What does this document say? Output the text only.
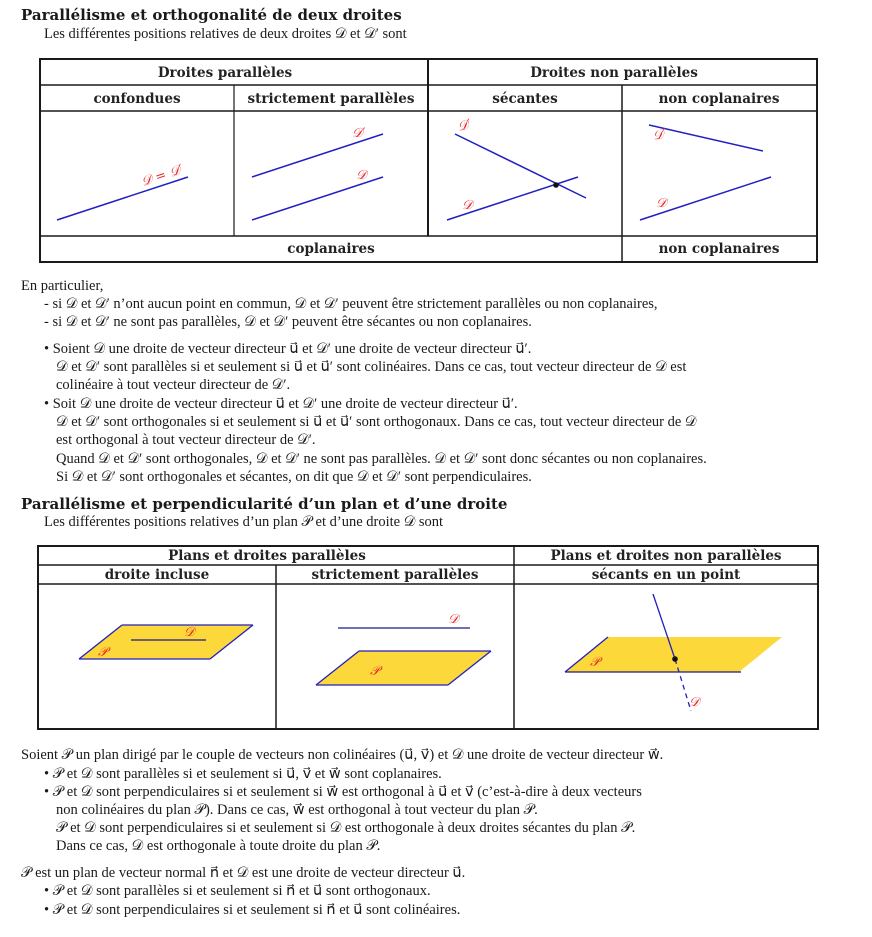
Parallélisme et orthogonalité de deux droites
Les différentes positions relatives de deux droites 𝒟 et 𝒟′ sont
Droites parallèles	Droites non parallèles
confondues	strictement parallèles	sécantes	non coplanaires
coplanaires	non coplanaires
𝒟 = 𝒟′
𝒟′
𝒟
𝒟′
𝒟
𝒟′
𝒟
Plans et droites parallèles	Plans et droites non parallèles
droite incluse	strictement parallèles	sécants en un point
𝒟
𝒫
𝒟
𝒫
𝒫
𝒟
En particulier,
- si 𝒟 et 𝒟′ n’ont aucun point en commun, 𝒟 et 𝒟′ peuvent être strictement parallèles ou non coplanaires,
- si 𝒟 et 𝒟′ ne sont pas parallèles, 𝒟 et 𝒟′ peuvent être sécantes ou non coplanaires.
• Soient 𝒟 une droite de vecteur directeur u⃗ et 𝒟′ une droite de vecteur directeur u⃗′.
𝒟 et 𝒟′ sont parallèles si et seulement si u⃗ et u⃗′ sont colinéaires. Dans ce cas, tout vecteur directeur de 𝒟 est
colinéaire à tout vecteur directeur de 𝒟′.
• Soit 𝒟 une droite de vecteur directeur u⃗ et 𝒟′ une droite de vecteur directeur u⃗′.
𝒟 et 𝒟′ sont orthogonales si et seulement si u⃗ et u⃗′ sont orthogonaux. Dans ce cas, tout vecteur directeur de 𝒟
est orthogonal à tout vecteur directeur de 𝒟′.
Quand 𝒟 et 𝒟′ sont orthogonales, 𝒟 et 𝒟′ ne sont pas parallèles. 𝒟 et 𝒟′ sont donc sécantes ou non coplanaires.
Si 𝒟 et 𝒟′ sont orthogonales et sécantes, on dit que 𝒟 et 𝒟′ sont perpendiculaires.
Parallélisme et perpendicularité d’un plan et d’une droite
Les différentes positions relatives d’un plan 𝒫 et d’une droite 𝒟 sont
Soient 𝒫 un plan dirigé par le couple de vecteurs non colinéaires (u⃗, v⃗) et 𝒟 une droite de vecteur directeur w⃗.
• 𝒫 et 𝒟 sont parallèles si et seulement si u⃗, v⃗ et w⃗ sont coplanaires.
• 𝒫 et 𝒟 sont perpendiculaires si et seulement si w⃗ est orthogonal à u⃗ et v⃗ (c’est-à-dire à deux vecteurs
non colinéaires du plan 𝒫). Dans ce cas, w⃗ est orthogonal à tout vecteur du plan 𝒫.
𝒫 et 𝒟 sont perpendiculaires si et seulement si 𝒟 est orthogonale à deux droites sécantes du plan 𝒫.
Dans ce cas, 𝒟 est orthogonale à toute droite du plan 𝒫.
𝒫 est un plan de vecteur normal n⃗ et 𝒟 est une droite de vecteur directeur u⃗.
• 𝒫 et 𝒟 sont parallèles si et seulement si n⃗ et u⃗ sont orthogonaux.
• 𝒫 et 𝒟 sont perpendiculaires si et seulement si n⃗ et u⃗ sont colinéaires.
